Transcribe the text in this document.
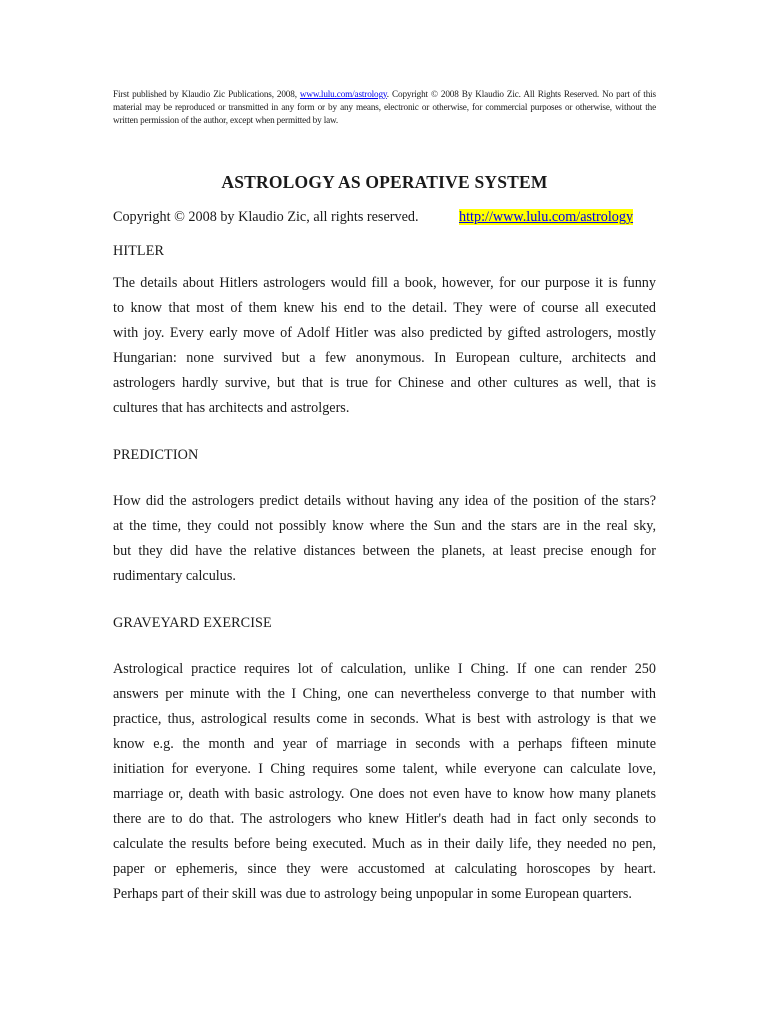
First published by Klaudio Zic Publications, 2008, www.lulu.com/astrology. Copyright © 2008 By Klaudio Zic. All Rights Reserved. No part of this material may be reproduced or transmitted in any form or by any means, electronic or otherwise, for commercial purposes or otherwise, without the written permission of the author, except when permitted by law.

ASTROLOGY AS OPERATIVE SYSTEM

Copyright © 2008 by Klaudio Zic, all rights reserved.	http://www.lulu.com/astrology

HITLER

The details about Hitlers astrologers would fill a book, however, for our purpose it is funny
to know that most of them knew his end to the detail. They were of course all executed
with joy. Every early move of Adolf Hitler was also predicted by gifted astrologers, mostly
Hungarian: none survived but a few anonymous. In European culture, architects and
astrologers hardly survive, but that is true for Chinese and other cultures as well, that is
cultures that has architects and astrolgers.

PREDICTION

How did the astrologers predict details without having any idea of the position of the stars?
at the time, they could not possibly know where the Sun and the stars are in the real sky,
but they did have the relative distances between the planets, at least precise enough for
rudimentary calculus.

GRAVEYARD EXERCISE

Astrological practice requires lot of calculation, unlike I Ching. If one can render 250
answers per minute with the I Ching, one can nevertheless converge to that number with
practice, thus, astrological results come in seconds. What is best with astrology is that we
know e.g. the month and year of marriage in seconds with a perhaps fifteen minute
initiation for everyone. I Ching requires some talent, while everyone can calculate love,
marriage or, death with basic astrology. One does not even have to know how many planets
there are to do that. The astrologers who knew Hitler's death had in fact only seconds to
calculate the results before being executed. Much as in their daily life, they needed no pen,
paper or ephemeris, since they were accustomed at calculating horoscopes by heart.
Perhaps part of their skill was due to astrology being unpopular in some European quarters.
